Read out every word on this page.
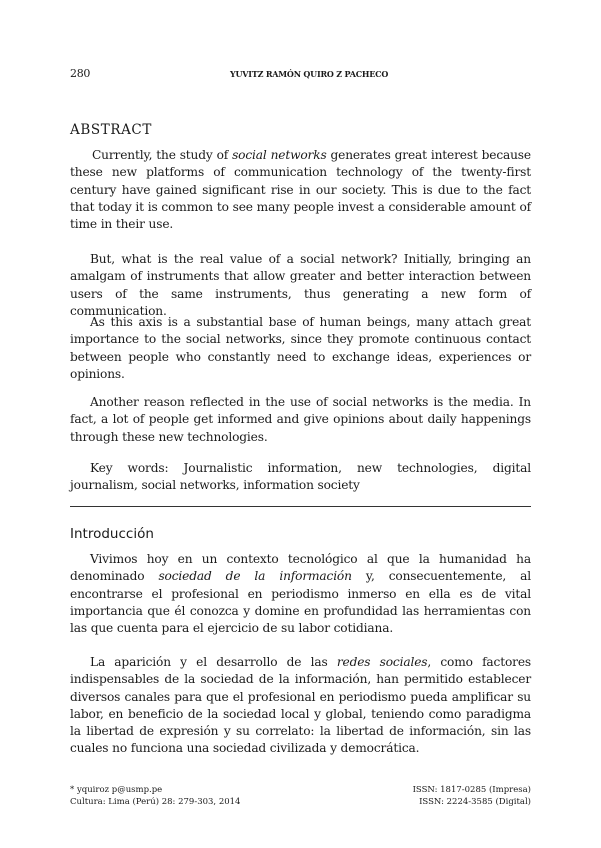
280	YUVITZ RAMÓN QUIRO Z PACHECO
ABSTRACT

Currently, the study of social networks generates great interest because these new platforms of communication technology of the twenty-first century have gained significant rise in our society. This is due to the fact that today it is common to see many people invest a considerable amount of time in their use.

But, what is the real value of a social network? Initially, bringing an amalgam of instruments that allow greater and better interaction between users of the same instruments, thus generating a new form of communication.

As this axis is a substantial base of human beings, many attach great importance to the social networks, since they promote continuous contact between people who constantly need to exchange ideas, experiences or opinions.

Another reason reflected in the use of social networks is the media. In fact, a lot of people get informed and give opinions about daily happenings through these new technologies.

Key words: Journalistic information, new technologies, digital journalism, social networks, information society

Introducción

Vivimos hoy en un contexto tecnológico al que la humanidad ha denominado sociedad de la información y, consecuentemente, al encontrarse el profesional en periodismo inmerso en ella es de vital importancia que él conozca y domine en profundidad las herramientas con las que cuenta para el ejercicio de su labor cotidiana.

La aparición y el desarrollo de las redes sociales, como factores indispensables de la sociedad de la información, han permitido establecer diversos canales para que el profesional en periodismo pueda amplificar su labor, en beneficio de la sociedad local y global, teniendo como paradigma la libertad de expresión y su correlato: la libertad de información, sin las cuales no funciona una sociedad civilizada y democrática.

* yquiroz p@usmp.pe
Cultura: Lima (Perú) 28: 279-303, 2014
ISSN: 1817-0285 (Impresa)
ISSN: 2224-3585 (Digital)
